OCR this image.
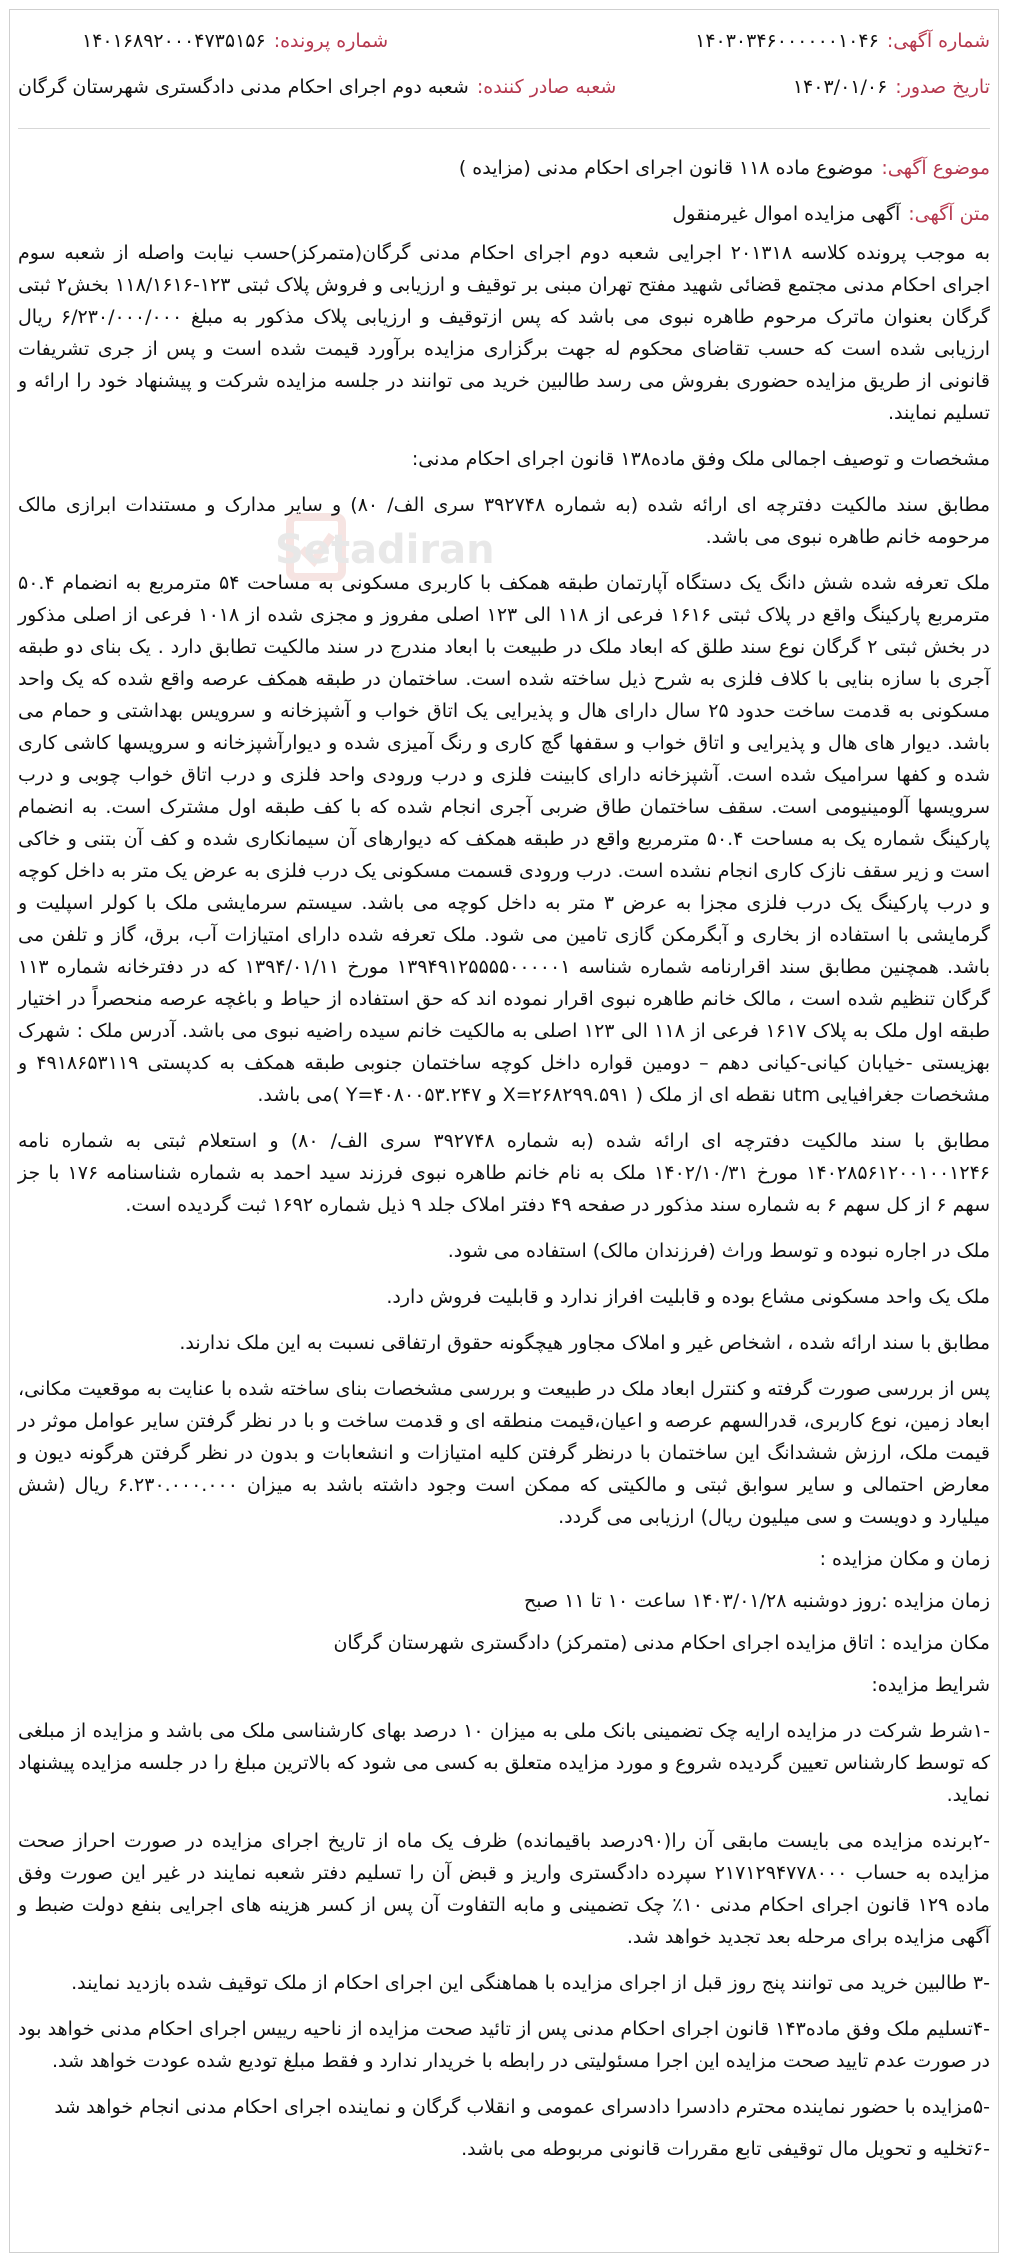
Setadiran
شماره آگهی:۱۴۰۳۰۳۴۶۰۰۰۰۰۰۱۰۴۶
شماره پرونده:۱۴۰۱۶۸۹۲۰۰۰۴۷۳۵۱۵۶
تاریخ صدور:۱۴۰۳/۰۱/۰۶
شعبه صادر کننده:شعبه دوم اجرای احکام مدنی دادگستری شهرستان گرگان
موضوع آگهی:
موضوع ماده ۱۱۸ قانون اجرای احکام مدنی (مزایده )
متن آگهی:
آگهی مزایده اموال غیرمنقول

به موجب پرونده کلاسه ۲۰۱۳۱۸ اجرایی شعبه دوم اجرای احکام مدنی گرگان(متمرکز)حسب نیابت واصله از شعبه سوم اجرای احکام مدنی مجتمع قضائی شهید مفتح تهران مبنی بر توقیف و ارزیابی و فروش پلاک ثبتی ۱۲۳-۱۱۸/۱۶۱۶ بخش۲ ثبتی گرگان بعنوان ماترک مرحوم طاهره نبوی می باشد که پس ازتوقیف و ارزیابی پلاک مذکور به مبلغ ۶/۲۳۰/۰۰۰/۰۰۰ ریال ارزیابی شده است که حسب تقاضای محکوم له جهت برگزاری مزایده برآورد قیمت شده است و پس از جری تشریفات قانونی از طریق مزایده حضوری بفروش می رسد طالبین خرید می توانند در جلسه مزایده شرکت و پیشنهاد خود را ارائه و تسلیم نمایند.

مشخصات و توصیف اجمالی ملک وفق ماده۱۳۸ قانون اجرای احکام مدنی:

مطابق سند مالکیت دفترچه ای ارائه شده (به شماره ۳۹۲۷۴۸ سری الف/ ۸۰) و سایر مدارک و مستندات ابرازی مالک مرحومه خانم طاهره نبوی می باشد.

ملک تعرفه شده شش دانگ یک دستگاه آپارتمان طبقه همکف با کاربری مسکونی به مساحت ۵۴ مترمربع به انضمام ۵۰.۴ مترمربع پارکینگ واقع در پلاک ثبتی ۱۶۱۶ فرعی از ۱۱۸ الی ۱۲۳ اصلی مفروز و مجزی شده از ۱۰۱۸ فرعی از اصلی مذکور در بخش ثبتی ۲ گرگان نوع سند طلق که ابعاد ملک در طبیعت با ابعاد مندرج در سند مالکیت تطابق دارد . یک بنای دو طبقه آجری با سازه بنایی با کلاف فلزی به شرح ذیل ساخته شده است. ساختمان در طبقه همکف عرصه واقع شده که یک واحد مسکونی به قدمت ساخت حدود ۲۵ سال دارای هال و پذیرایی یک اتاق خواب و آشپزخانه و سرویس بهداشتی و حمام می باشد. دیوار های هال و پذیرایی و اتاق خواب و سقفها گچ کاری و رنگ آمیزی شده و دیوارآشپزخانه و سرویسها کاشی کاری شده و کفها سرامیک شده است. آشپزخانه دارای کابینت فلزی و درب ورودی واحد فلزی و درب اتاق خواب چوبی و درب سرویسها آلومینیومی است. سقف ساختمان طاق ضربی آجری انجام شده که با کف طبقه اول مشترک است. به انضمام پارکینگ شماره یک به مساحت ۵۰.۴ مترمربع واقع در طبقه همکف که دیوارهای آن سیمانکاری شده و کف آن بتنی و خاکی است و زیر سقف نازک کاری انجام نشده است. درب ورودی قسمت مسکونی یک درب فلزی به عرض یک متر به داخل کوچه و درب پارکینگ یک درب فلزی مجزا به عرض ۳ متر به داخل کوچه می باشد. سیستم سرمایشی ملک با کولر اسپلیت و گرمایشی با استفاده از بخاری و آبگرمکن گازی تامین می شود. ملک تعرفه شده دارای امتیازات آب، برق، گاز و تلفن می باشد. همچنین مطابق سند اقرارنامه شماره شناسه ۱۳۹۴۹۱۲۵۵۵۵۰۰۰۰۰۱ مورخ ۱۳۹۴/۰۱/۱۱ که در دفترخانه شماره ۱۱۳ گرگان تنظیم شده است ، مالک خانم طاهره نبوی اقرار نموده اند که حق استفاده از حیاط و باغچه عرصه منحصراً در اختیار طبقه اول ملک به پلاک ۱۶۱۷ فرعی از ۱۱۸ الی ۱۲۳ اصلی به مالکیت خانم سیده راضیه نبوی می باشد. آدرس ملک : شهرک بهزیستی -خیابان کیانی-کیانی دهم – دومین قواره داخل کوچه ساختمان جنوبی طبقه همکف به کدپستی ۴۹۱۸۶۵۳۱۱۹ و مشخصات جغرافیایی utm نقطه ای از ملک ( X=۲۶۸۲۹۹.۵۹۱ و Y=۴۰۸۰۰۵۳.۲۴۷ )می باشد.

مطابق با سند مالکیت دفترچه ای ارائه شده (به شماره ۳۹۲۷۴۸ سری الف/ ۸۰) و استعلام ثبتی به شماره نامه ۱۴۰۲۸۵۶۱۲۰۰۱۰۰۱۲۴۶ مورخ ۱۴۰۲/۱۰/۳۱ ملک به نام خانم طاهره نبوی فرزند سید احمد به شماره شناسنامه ۱۷۶ با جز سهم ۶ از کل سهم ۶ به شماره سند مذکور در صفحه ۴۹ دفتر املاک جلد ۹ ذیل شماره ۱۶۹۲ ثبت گردیده است.

ملک در اجاره نبوده و توسط وراث (فرزندان مالک) استفاده می شود.

ملک یک واحد مسکونی مشاع بوده و قابلیت افراز ندارد و قابلیت فروش دارد.

مطابق با سند ارائه شده ، اشخاص غیر و املاک مجاور هیچگونه حقوق ارتفاقی نسبت به این ملک ندارند.

پس از بررسی صورت گرفته و کنترل ابعاد ملک در طبیعت و بررسی مشخصات بنای ساخته شده با عنایت به موقعیت مکانی، ابعاد زمین، نوع کاربری، قدرالسهم عرصه و اعیان،قیمت منطقه ای و قدمت ساخت و با در نظر گرفتن سایر عوامل موثر در قیمت ملک، ارزش ششدانگ این ساختمان با درنظر گرفتن کلیه امتیازات و انشعابات و بدون در نظر گرفتن هرگونه دیون و معارض احتمالی و سایر سوابق ثبتی و مالکیتی که ممکن است وجود داشته باشد به میزان ۶.۲۳۰.۰۰۰.۰۰۰ ریال (شش میلیارد و دویست و سی میلیون ریال) ارزیابی می گردد.

زمان و مکان مزایده :

زمان مزایده :روز دوشنبه ۱۴۰۳/۰۱/۲۸ ساعت ۱۰ تا ۱۱ صبح

مکان مزایده : اتاق مزایده اجرای احکام مدنی (متمرکز) دادگستری شهرستان گرگان

شرایط مزایده:

-۱شرط شرکت در مزایده ارایه چک تضمینی بانک ملی به میزان ۱۰ درصد بهای کارشناسی ملک می باشد و مزایده از مبلغی که توسط کارشناس تعیین گردیده شروع و مورد مزایده متعلق به کسی می شود که بالاترین مبلغ را در جلسه مزایده پیشنهاد نماید.

-۲برنده مزایده می بایست مابقی آن را(۹۰درصد باقیمانده) ظرف یک ماه از تاریخ اجرای مزایده در صورت احراز صحت مزایده به حساب ۲۱۷۱۲۹۴۷۷۸۰۰۰ سپرده دادگستری واریز و قبض آن را تسلیم دفتر شعبه نمایند در غیر این صورت وفق ماده ۱۲۹ قانون اجرای احکام مدنی ۱۰٪ چک تضمینی و مابه التفاوت آن پس از کسر هزینه های اجرایی بنفع دولت ضبط و آگهی مزایده برای مرحله بعد تجدید خواهد شد.

-۳ طالبین خرید می توانند پنج روز قبل از اجرای مزایده با هماهنگی این اجرای احکام از ملک توقیف شده بازدید نمایند.

-۴تسلیم ملک وفق ماده۱۴۳ قانون اجرای احکام مدنی پس از تائید صحت مزایده از ناحیه رییس اجرای احکام مدنی خواهد بود در صورت عدم تایید صحت مزایده این اجرا مسئولیتی در رابطه با خریدار ندارد و فقط مبلغ تودیع شده عودت خواهد شد.

-۵مزایده با حضور نماینده محترم دادسرا دادسرای عمومی و انقلاب گرگان و نماینده اجرای احکام مدنی انجام خواهد شد

-۶تخلیه و تحویل مال توقیفی تابع مقررات قانونی مربوطه می باشد.
